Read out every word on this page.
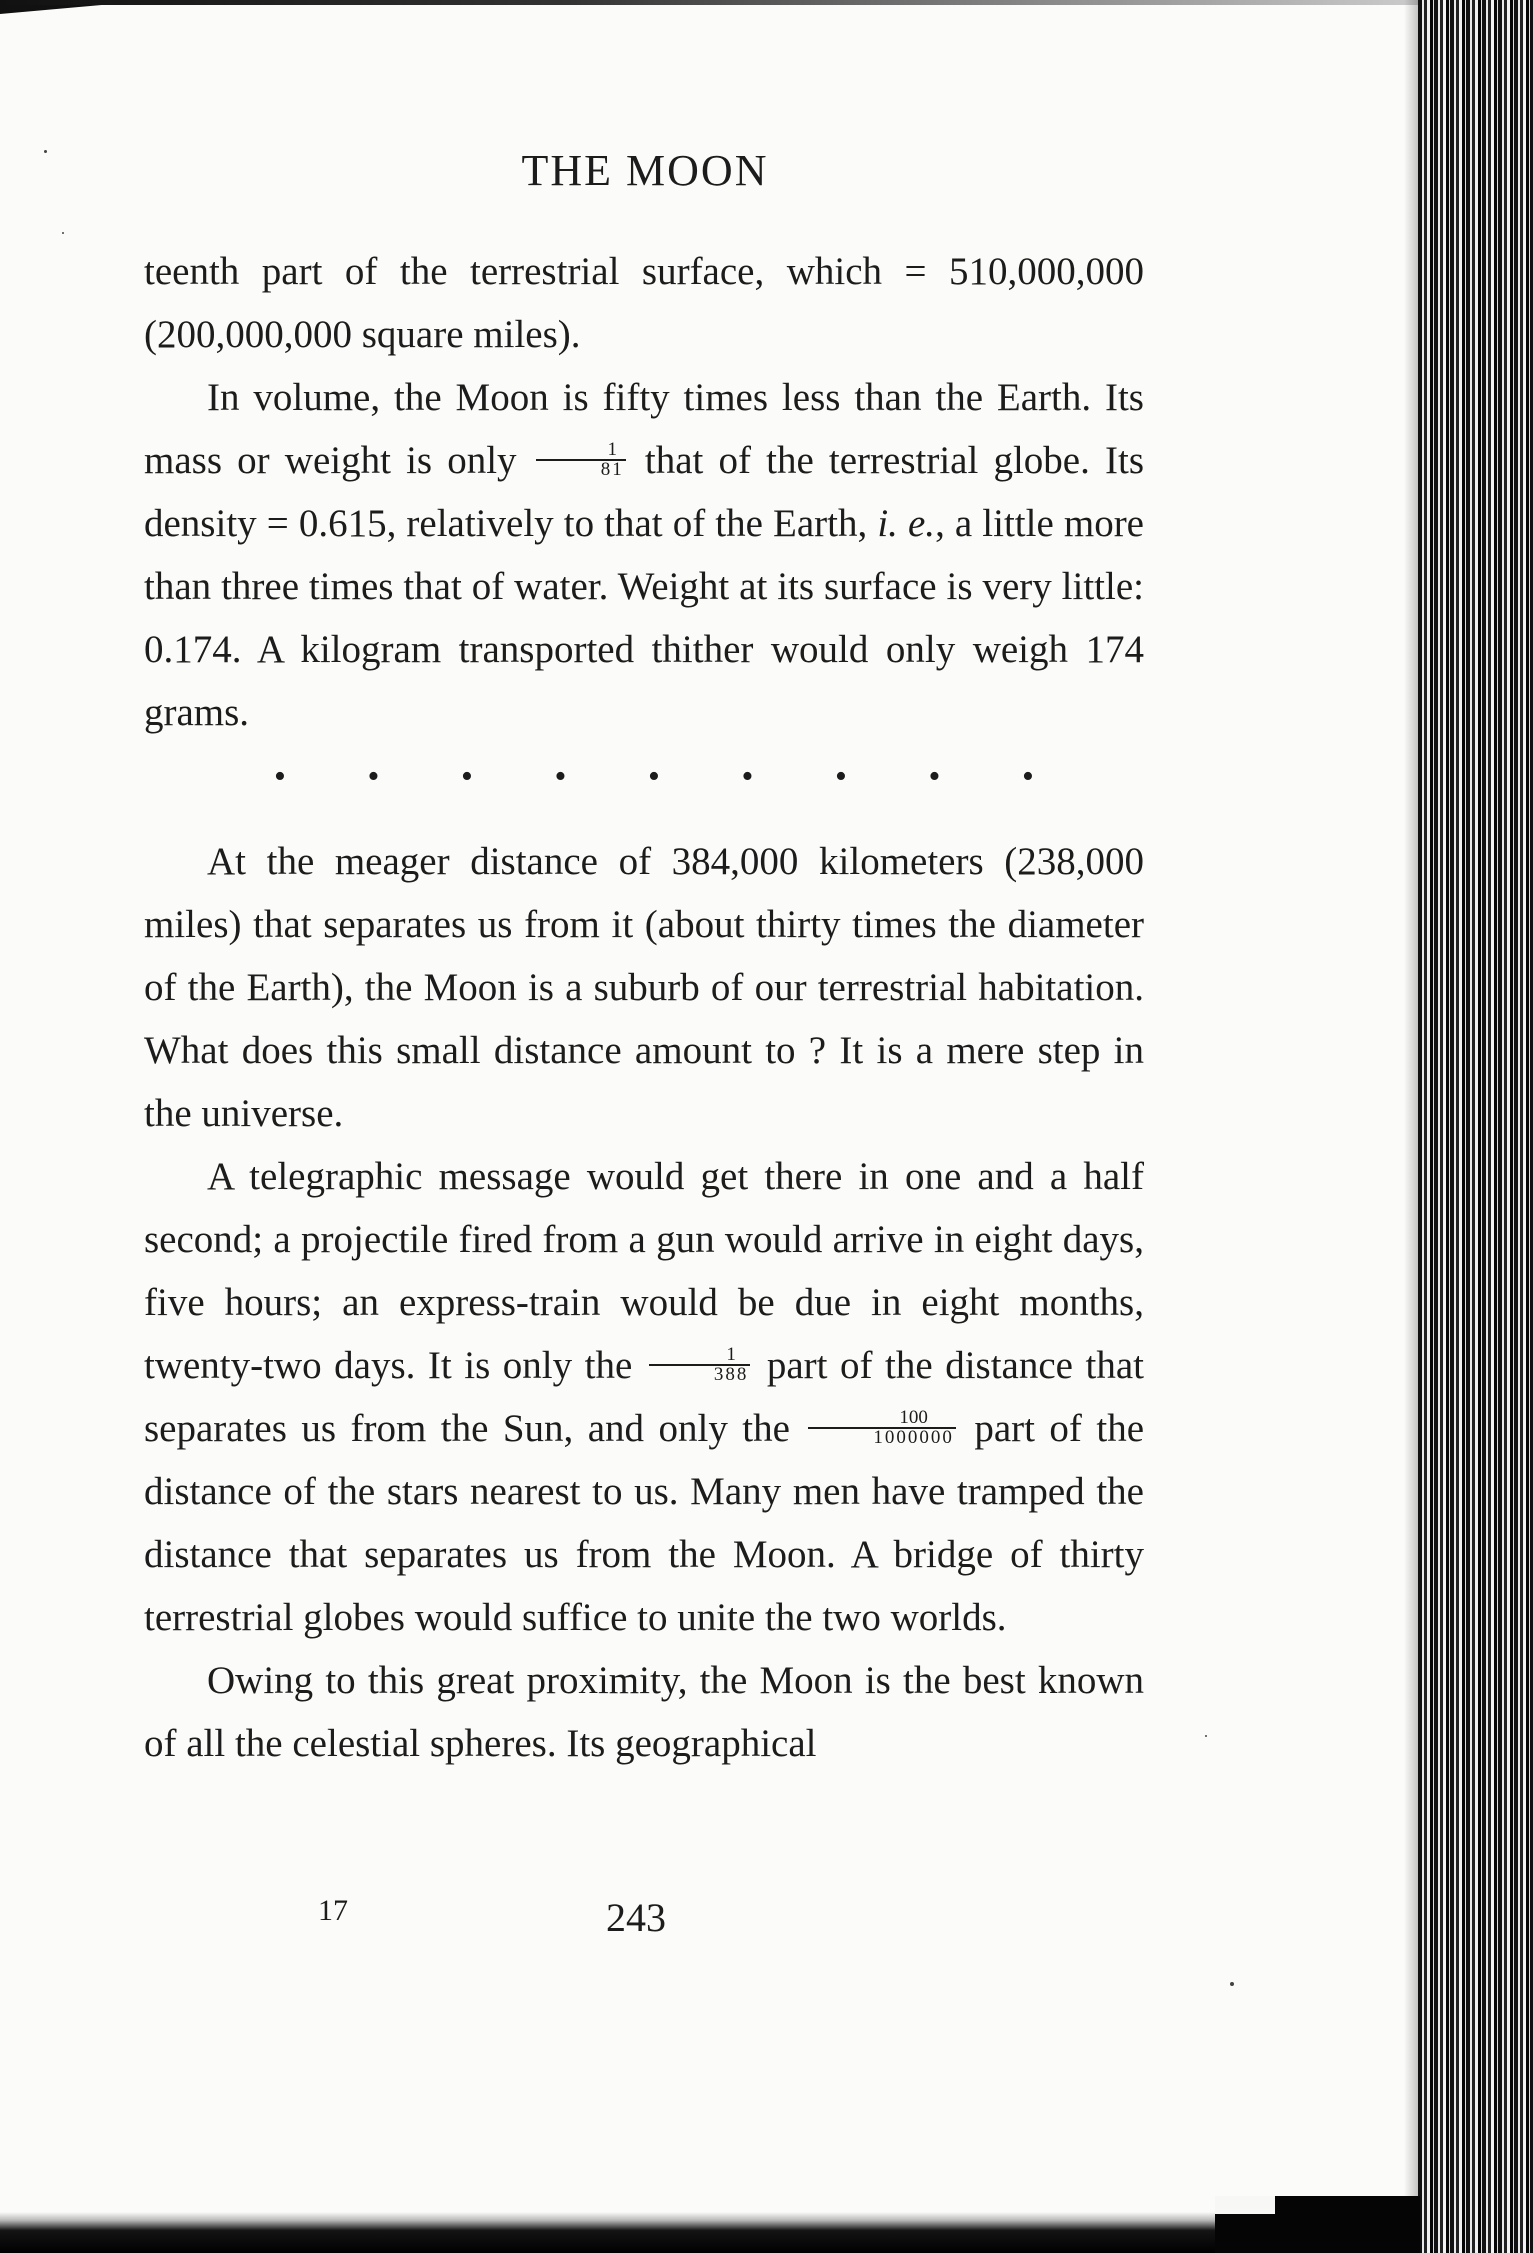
THE MOON

teenth part of the terrestrial surface, which = 510,000,000 (200,000,000 square miles).

In volume, the Moon is fifty times less than the Earth. Its mass or weight is only $\frac{1}{81}$ that of the terrestrial globe. Its density = 0.615, relatively to that of the Earth, i. e., a little more than three times that of water. Weight at its surface is very little: 0.174. A kilogram transported thither would only weigh 174 grams.

• • • • • • • • •

At the meager distance of 384,000 kilometers (238,000 miles) that separates us from it (about thirty times the diameter of the Earth), the Moon is a suburb of our terrestrial habitation. What does this small distance amount to ? It is a mere step in the universe.

A telegraphic message would get there in one and a half second; a projectile fired from a gun would arrive in eight days, five hours; an express-train would be due in eight months, twenty-two days. It is only the $\frac{1}{388}$ part of the distance that separates us from the Sun, and only the $\frac{100}{1000000}$ part of the distance of the stars nearest to us. Many men have tramped the distance that separates us from the Moon. A bridge of thirty terrestrial globes would suffice to unite the two worlds.

Owing to this great proximity, the Moon is the best known of all the celestial spheres. Its geographical

17	243
